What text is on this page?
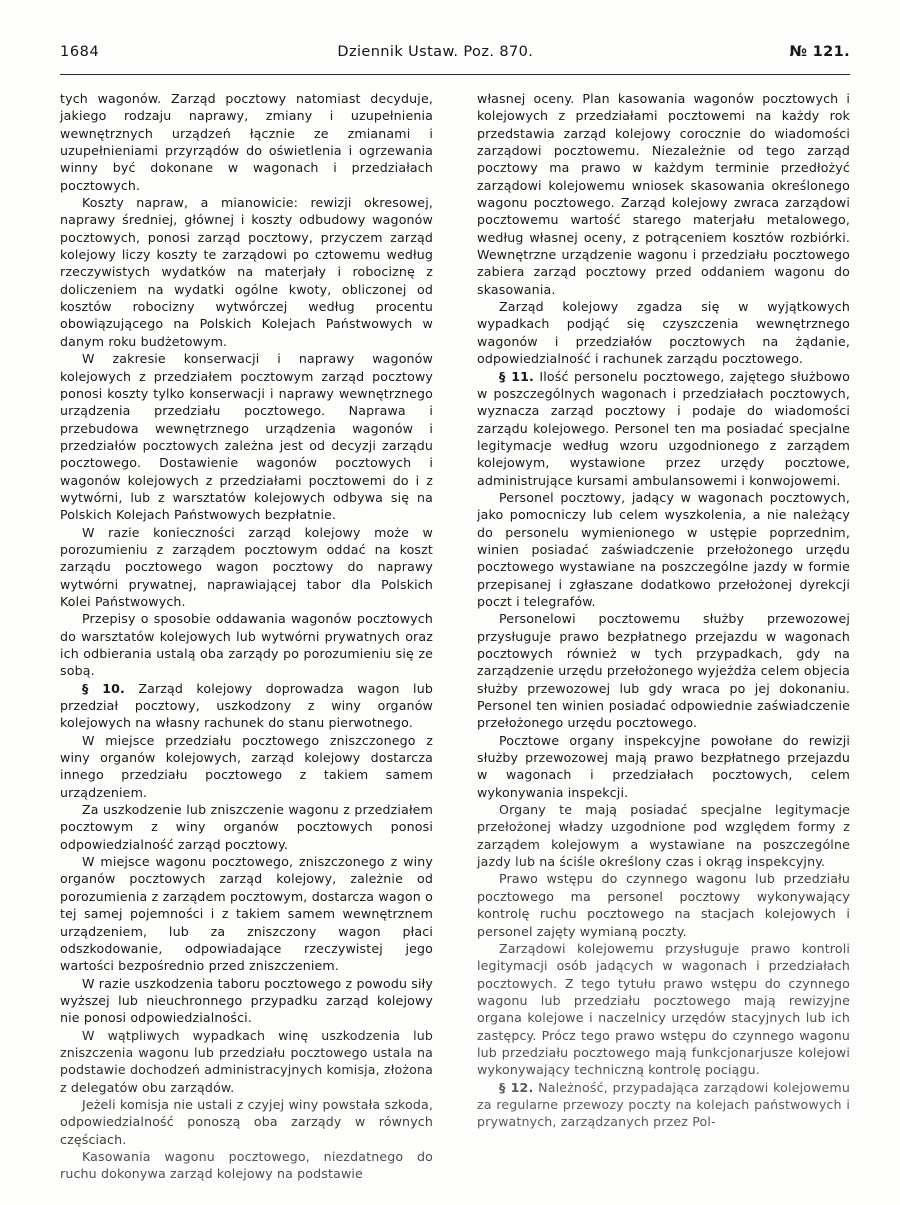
1684	Dziennik Ustaw. Poz. 870.	№ 121.

tych wagonów. Zarząd pocztowy natomiast decyduje, jakiego rodzaju naprawy, zmiany i uzupełnienia wewnętrznych urządzeń łącznie ze zmianami i uzupełnieniami przyrządów do oświetlenia i ogrzewania winny być dokonane w wagonach i przedziałach pocztowych.

Koszty napraw, a mianowicie: rewizji okresowej, naprawy średniej, głównej i koszty odbudowy wagonów pocztowych, ponosi zarząd pocztowy, przyczem zarząd kolejowy liczy koszty te zarządowi po cztowemu według rzeczywistych wydatków na materjały i robociznę z doliczeniem na wydatki ogólne kwoty, obliczonej od kosztów robocizny wytwórczej według procentu obowiązującego na Polskich Kolejach Państwowych w danym roku budżetowym.

W zakresie konserwacji i naprawy wagonów kolejowych z przedziałem pocztowym zarząd pocztowy ponosi koszty tylko konserwacji i naprawy wewnętrznego urządzenia przedziału pocztowego. Naprawa i przebudowa wewnętrznego urządzenia wagonów i przedziałów pocztowych zależna jest od decyzji zarządu pocztowego. Dostawienie wagonów pocztowych i wagonów kolejowych z przedziałami pocztowemi do i z wytwórni, lub z warsztatów kolejowych odbywa się na Polskich Kolejach Państwowych bezpłatnie.

W razie konieczności zarząd kolejowy może w porozumieniu z zarządem pocztowym oddać na koszt zarządu pocztowego wagon pocztowy do naprawy wytwórni prywatnej, naprawiającej tabor dla Polskich Kolei Państwowych.

Przepisy o sposobie oddawania wagonów pocztowych do warsztatów kolejowych lub wytwórni prywatnych oraz ich odbierania ustalą oba zarządy po porozumieniu się ze sobą.

§ 10. Zarząd kolejowy doprowadza wagon lub przedział pocztowy, uszkodzony z winy organów kolejowych na własny rachunek do stanu pierwotnego.

W miejsce przedziału pocztowego zniszczonego z winy organów kolejowych, zarząd kolejowy dostarcza innego przedziału pocztowego z takiem samem urządzeniem.

Za uszkodzenie lub zniszczenie wagonu z przedziałem pocztowym z winy organów pocztowych ponosi odpowiedzialność zarząd pocztowy.

W miejsce wagonu pocztowego, zniszczonego z winy organów pocztowych zarząd kolejowy, zależnie od porozumienia z zarządem pocztowym, dostarcza wagon o tej samej pojemności i z takiem samem wewnętrznem urządzeniem, lub za zniszczony wagon płaci odszkodowanie, odpowiadające rzeczywistej jego wartości bezpośrednio przed zniszczeniem.

W razie uszkodzenia taboru pocztowego z powodu siły wyższej lub nieuchronnego przypadku zarząd kolejowy nie ponosi odpowiedzialności.

W wątpliwych wypadkach winę uszkodzenia lub zniszczenia wagonu lub przedziału pocztowego ustala na podstawie dochodzeń administracyjnych komisja, złożona z delegatów obu zarządów.

Jeżeli komisja nie ustali z czyjej winy powstała szkoda, odpowiedzialność ponoszą oba zarządy w równych częściach.

Kasowania wagonu pocztowego, niezdatnego do ruchu dokonywa zarząd kolejowy na podstawie

własnej oceny. Plan kasowania wagonów pocztowych i kolejowych z przedziałami pocztowemi na każdy rok przedstawia zarząd kolejowy corocznie do wiadomości zarządowi pocztowemu. Niezależnie od tego zarząd pocztowy ma prawo w każdym terminie przedłożyć zarządowi kolejowemu wniosek skasowania określonego wagonu pocztowego. Zarząd kolejowy zwraca zarządowi pocztowemu wartość starego materjału metalowego, według własnej oceny, z potrąceniem kosztów rozbiórki. Wewnętrzne urządzenie wagonu i przedziału pocztowego zabiera zarząd pocztowy przed oddaniem wagonu do skasowania.

Zarząd kolejowy zgadza się w wyjątkowych wypadkach podjąć się czyszczenia wewnętrznego wagonów i przedziałów pocztowych na żądanie, odpowiedzialność i rachunek zarządu pocztowego.

§ 11. Ilość personelu pocztowego, zajętego służbowo w poszczególnych wagonach i przedziałach pocztowych, wyznacza zarząd pocztowy i podaje do wiadomości zarządu kolejowego. Personel ten ma posiadać specjalne legitymacje według wzoru uzgodnionego z zarządem kolejowym, wystawione przez urzędy pocztowe, administrujące kursami ambulansowemi i konwojowemi.

Personel pocztowy, jadący w wagonach pocztowych, jako pomocniczy lub celem wyszkolenia, a nie należący do personelu wymienionego w ustępie poprzednim, winien posiadać zaświadczenie przełożonego urzędu pocztowego wystawiane na poszczególne jazdy w formie przepisanej i zgłaszane dodatkowo przełożonej dyrekcji poczt i telegrafów.

Personelowi pocztowemu służby przewozowej przysługuje prawo bezpłatnego przejazdu w wagonach pocztowych również w tych przypadkach, gdy na zarządzenie urzędu przełożonego wyjeżdża celem objecia służby przewozowej lub gdy wraca po jej dokonaniu. Personel ten winien posiadać odpowiednie zaświadczenie przełożonego urzędu pocztowego.

Pocztowe organy inspekcyjne powołane do rewizji służby przewozowej mają prawo bezpłatnego przejazdu w wagonach i przedziałach pocztowych, celem wykonywania inspekcji.

Organy te mają posiadać specjalne legitymacje przełożonej władzy uzgodnione pod względem formy z zarządem kolejowym a wystawiane na poszczególne jazdy lub na ściśle określony czas i okrąg inspekcyjny.

Prawo wstępu do czynnego wagonu lub przedziału pocztowego ma personel pocztowy wykonywający kontrolę ruchu pocztowego na stacjach kolejowych i personel zajęty wymianą poczty.

Zarządowi kolejowemu przysługuje prawo kontroli legitymacji osób jadących w wagonach i przedziałach pocztowych. Z tego tytułu prawo wstępu do czynnego wagonu lub przedziału pocztowego mają rewizyjne organa kolejowe i naczelnicy urzędów stacyjnych lub ich zastępcy. Prócz tego prawo wstępu do czynnego wagonu lub przedziału pocztowego mają funkcjonarjusze kolejowi wykonywający techniczną kontrolę pociągu.

§ 12. Należność, przypadająca zarządowi kolejowemu za regularne przewozy poczty na kolejach państwowych i prywatnych, zarządzanych przez Pol-
